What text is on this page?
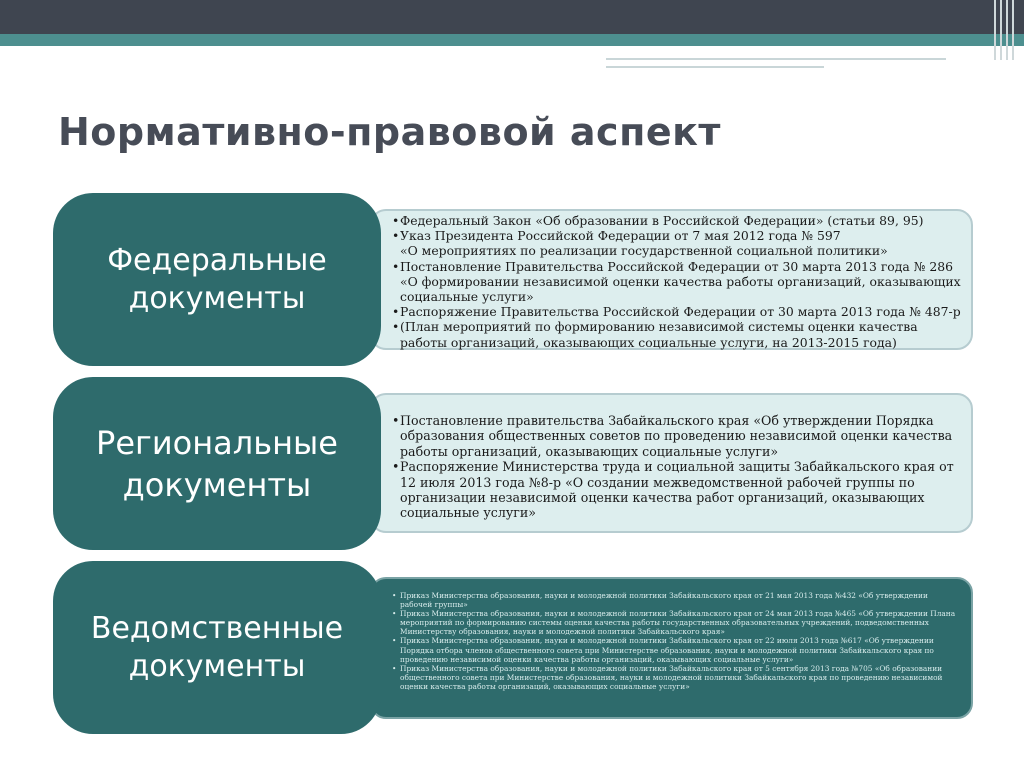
Нормативно-правовой аспект
• Федеральный Закон «Об образовании в Российской Федерации» (статьи 89, 95)
• Указ Президента Российской Федерации от 7 мая 2012 года № 597
«О мероприятиях по реализации государственной социальной политики»
• Постановление Правительства Российской Федерации от 30 марта 2013 года № 286 «О формировании независимой оценки качества работы организаций, оказывающих социальные услуги»
• Распоряжение Правительства Российской Федерации от 30 марта 2013 года № 487-р
• (План мероприятий по формированию независимой системы оценки качества работы организаций, оказывающих социальные услуги, на 2013-2015 года)
Федеральные
документы
• Постановление правительства Забайкальского края «Об утверждении Порядка образования общественных советов по проведению независимой оценки качества работы организаций, оказывающих социальные услуги»
• Распоряжение Министерства труда и социальной защиты Забайкальского края от 12 июля 2013 года №8-р «О создании межведомственной рабочей группы по организации независимой оценки качества работ организаций, оказывающих социальные услуги»
Региональные
документы
• Приказ Министерства образования, науки и молодежной политики Забайкальского края от 21 мая 2013 года №432 «Об утверждении рабочей группы»
• Приказ Министерства образования, науки и молодежной политики Забайкальского края от 24 мая 2013 года №465 «Об утверждении Плана мероприятий по формированию системы оценки качества работы государственных образовательных учреждений, подведомственных Министерству образования, науки и молодежной политики Забайкальского края»
• Приказ Министерства образования, науки и молодежной политики Забайкальского края от 22 июля 2013 года №617 «Об утверждении Порядка отбора членов общественного совета при Министерстве образования, науки и молодежной политики Забайкальского края по проведению независимой оценки качества работы организаций, оказывающих социальные услуги»
• Приказ Министерства образования, науки и молодежной политики Забайкальского края от 5 сентября 2013 года №705 «Об образовании общественного совета при Министерстве образования, науки и молодежной политики Забайкальского края по проведению независимой оценки качества работы организаций, оказывающих социальные услуги»
Ведомственные
документы
